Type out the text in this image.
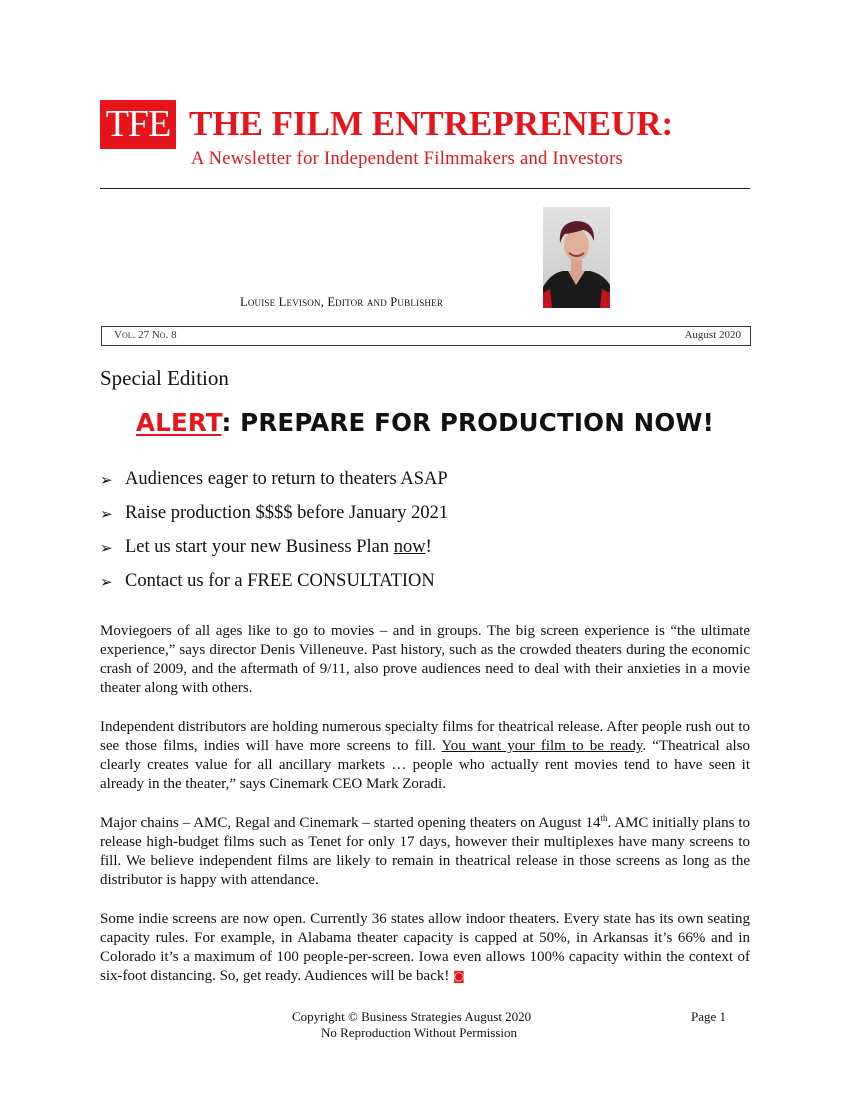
TFE THE FILM ENTREPRENEUR:
A Newsletter for Independent Filmmakers and Investors
Louise Levison, Editor and Publisher
Vol. 27 No. 8	August 2020
Special Edition
ALERT: PREPARE FOR PRODUCTION NOW!
➢ Audiences eager to return to theaters ASAP
➢ Raise production $$$$ before January 2021
➢ Let us start your new Business Plan now!
➢ Contact us for a FREE CONSULTATION

Moviegoers of all ages like to go to movies – and in groups. The big screen experience is “the ultimate experience,” says director Denis Villeneuve. Past history, such as the crowded theaters during the economic crash of 2009, and the aftermath of 9/11, also prove audiences need to deal with their anxieties in a movie theater along with others.

Independent distributors are holding numerous specialty films for theatrical release. After people rush out to see those films, indies will have more screens to fill. You want your film to be ready. “Theatrical also clearly creates value for all ancillary markets … people who actually rent movies tend to have seen it already in the theater,” says Cinemark CEO Mark Zoradi.

Major chains – AMC, Regal and Cinemark – started opening theaters on August 14th. AMC initially plans to release high-budget films such as Tenet for only 17 days, however their multiplexes have many screens to fill. We believe independent films are likely to remain in theatrical release in those screens as long as the distributor is happy with attendance.

Some indie screens are now open. Currently 36 states allow indoor theaters. Every state has its own seating capacity rules. For example, in Alabama theater capacity is capped at 50%, in Arkansas it’s 66% and in Colorado it’s a maximum of 100 people-per-screen. Iowa even allows 100% capacity within the context of six-foot distancing. So, get ready. Audiences will be back! ◙

Copyright © Business Strategies August 2020	Page 1
No Reproduction Without Permission
